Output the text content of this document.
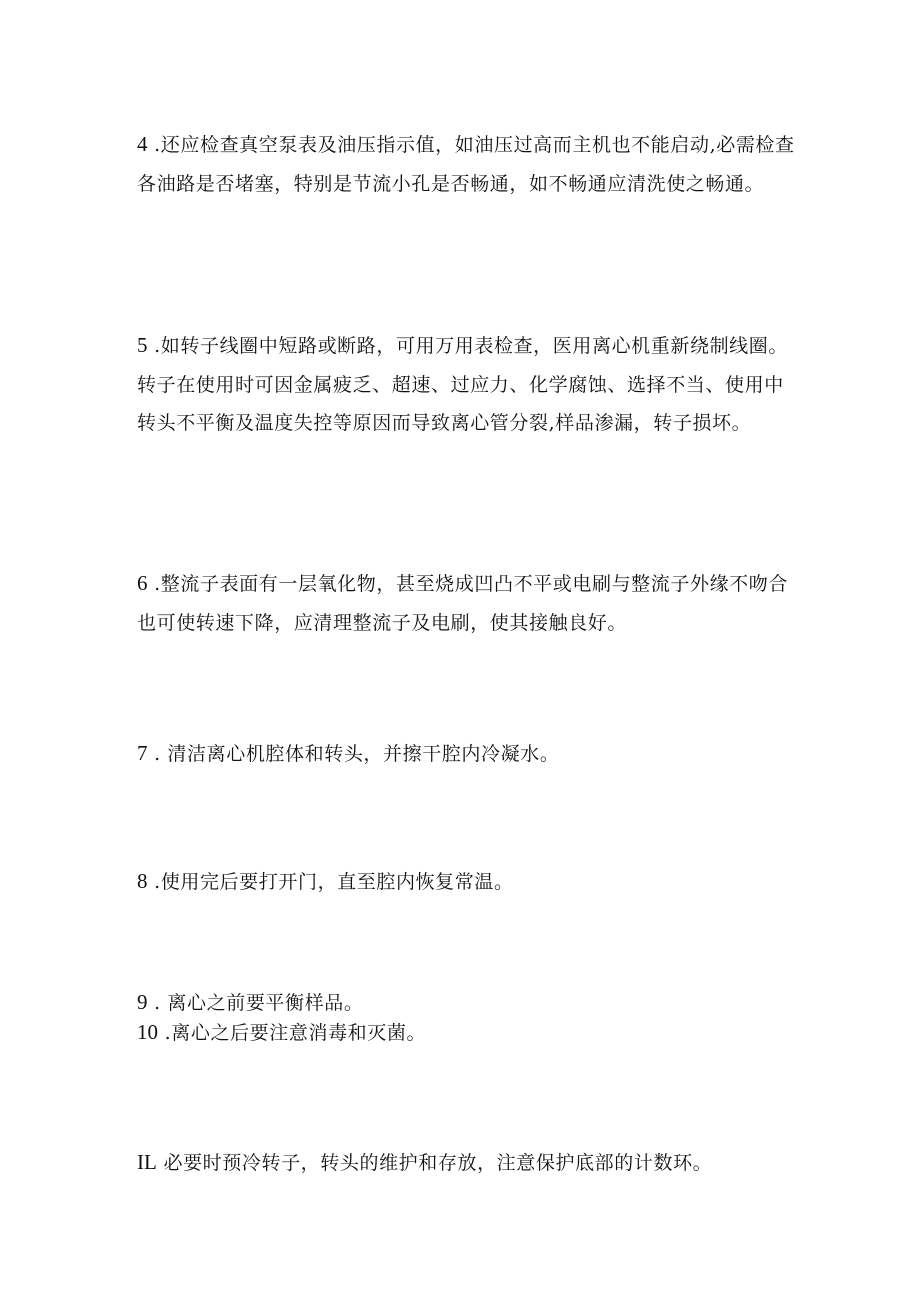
4 .还应检查真空泵表及油压指示值，如油压过高而主机也不能启动,必需检查各油路是否堵塞，特别是节流小孔是否畅通，如不畅通应清洗使之畅通。

5 .如转子线圈中短路或断路，可用万用表检查，医用离心机重新绕制线圈。转子在使用时可因金属疲乏、超速、过应力、化学腐蚀、选择不当、使用中转头不平衡及温度失控等原因而导致离心管分裂,样品渗漏，转子损坏。

6 .整流子表面有一层氧化物，甚至烧成凹凸不平或电刷与整流子外缘不吻合也可使转速下降，应清理整流子及电刷，使其接触良好。

7 . 清洁离心机腔体和转头，并擦干腔内冷凝水。

8 .使用完后要打开门，直至腔内恢复常温。

9 . 离心之前要平衡样品。

10 .离心之后要注意消毒和灭菌。

IL 必要时预冷转子，转头的维护和存放，注意保护底部的计数环。
